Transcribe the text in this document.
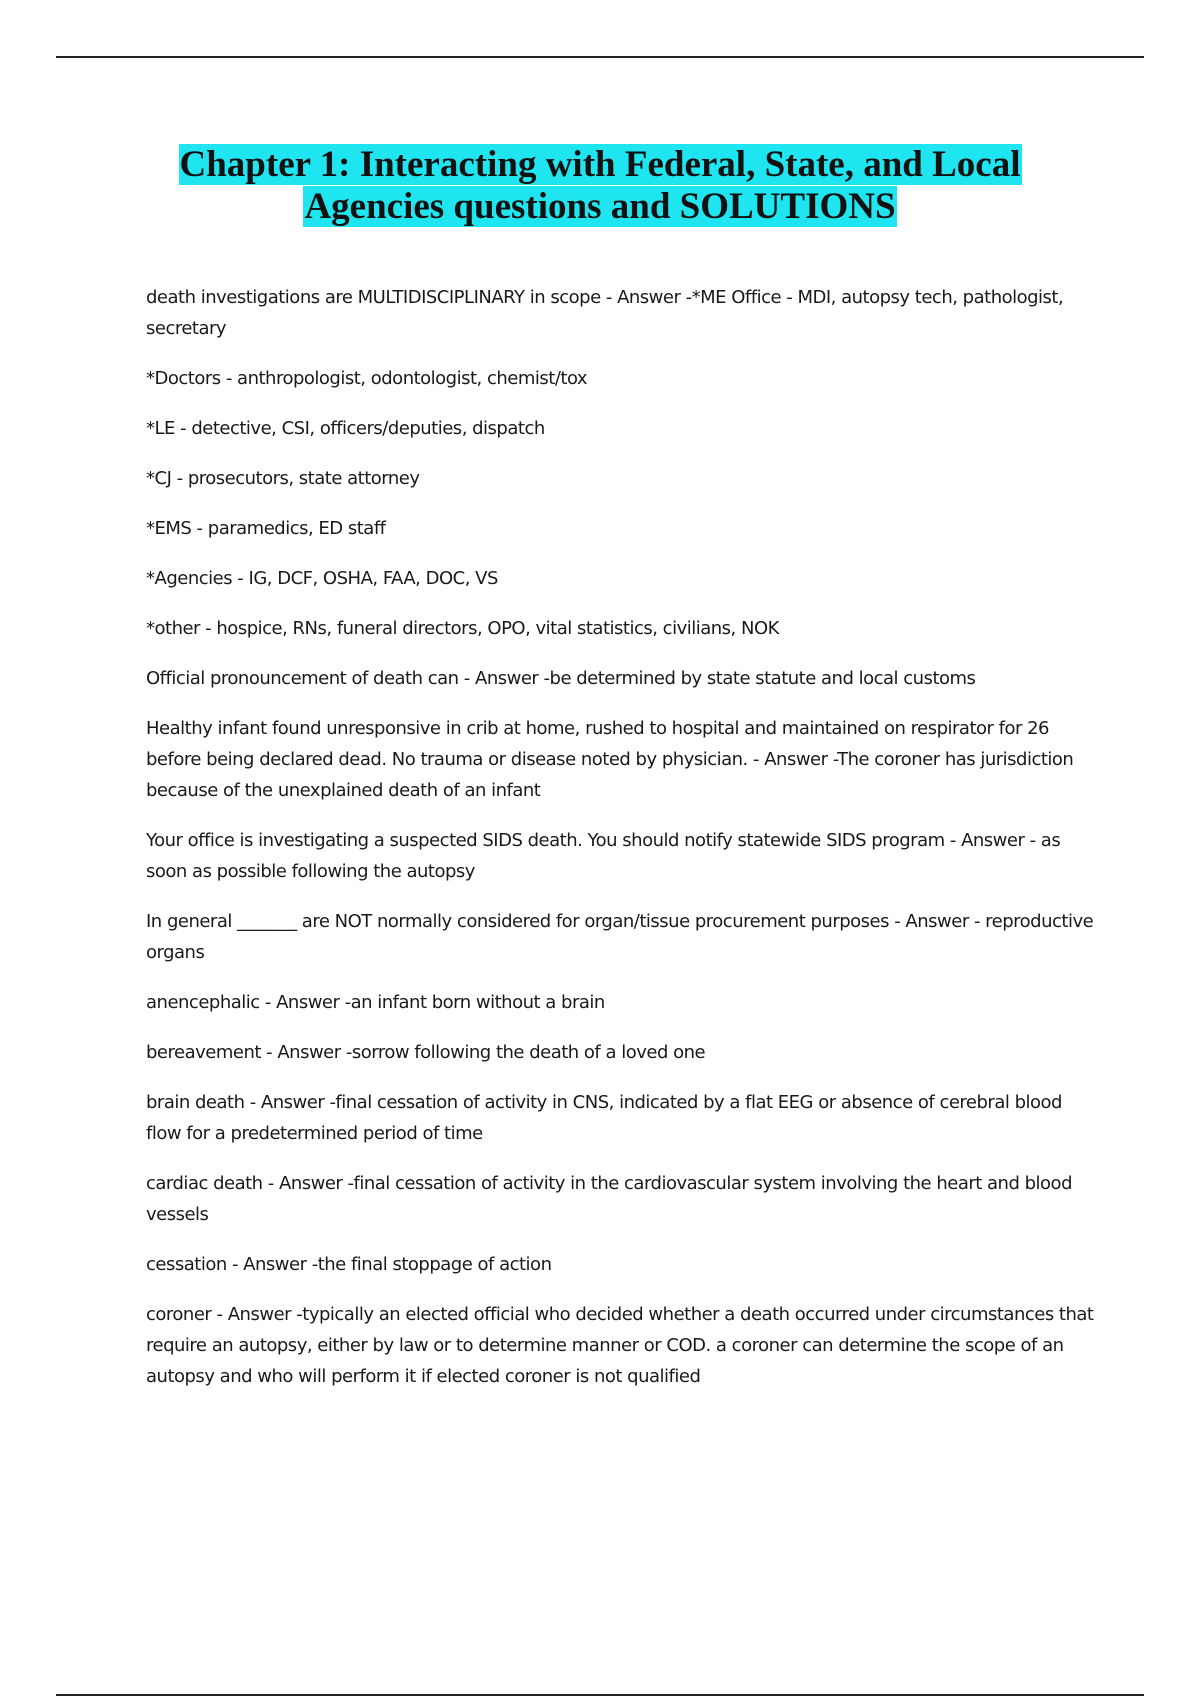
Chapter 1: Interacting with Federal, State, and Local
Agencies questions and SOLUTIONS

death investigations are MULTIDISCIPLINARY in scope - Answer -*ME Office - MDI, autopsy tech, pathologist, secretary

*Doctors - anthropologist, odontologist, chemist/tox

*LE - detective, CSI, officers/deputies, dispatch

*CJ - prosecutors, state attorney

*EMS - paramedics, ED staff

*Agencies - IG, DCF, OSHA, FAA, DOC, VS

*other - hospice, RNs, funeral directors, OPO, vital statistics, civilians, NOK

Official pronouncement of death can - Answer -be determined by state statute and local customs

Healthy infant found unresponsive in crib at home, rushed to hospital and maintained on respirator for 26 before being declared dead. No trauma or disease noted by physician. - Answer -The coroner has jurisdiction because of the unexplained death of an infant

Your office is investigating a suspected SIDS death. You should notify statewide SIDS program - Answer - as soon as possible following the autopsy

In general _______ are NOT normally considered for organ/tissue procurement purposes - Answer - reproductive organs

anencephalic - Answer -an infant born without a brain

bereavement - Answer -sorrow following the death of a loved one

brain death - Answer -final cessation of activity in CNS, indicated by a flat EEG or absence of cerebral blood flow for a predetermined period of time

cardiac death - Answer -final cessation of activity in the cardiovascular system involving the heart and blood vessels

cessation - Answer -the final stoppage of action

coroner - Answer -typically an elected official who decided whether a death occurred under circumstances that require an autopsy, either by law or to determine manner or COD. a coroner can determine the scope of an autopsy and who will perform it if elected coroner is not qualified
